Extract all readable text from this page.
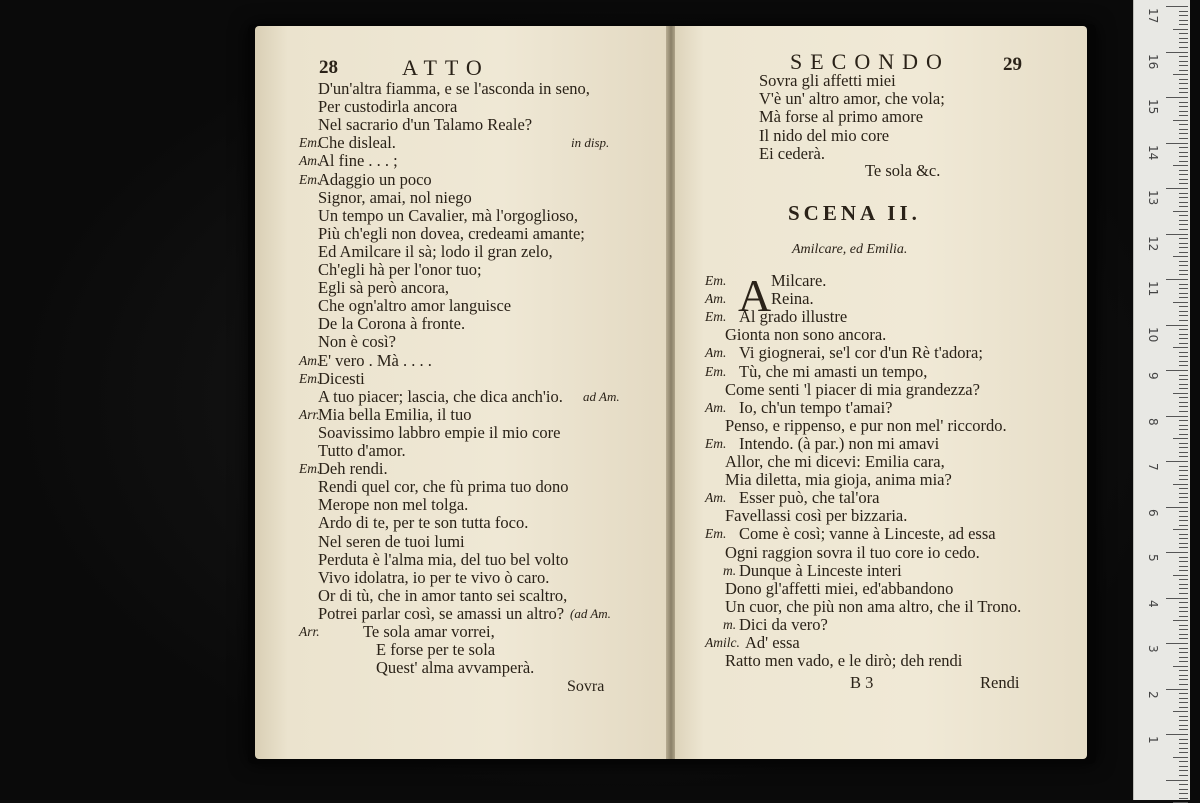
28	ATTO
D'un'altra fiamma, e se l'asconda in seno,
Per custodirla ancora
Nel sacrario d'un Talamo Reale?
Em.
Che disleal.	in disp.
Am.
Al fine . . . ;
Em.
Adaggio un poco
Signor, amai, nol niego
Un tempo un Cavalier, mà l'orgoglioso,
Più ch'egli non dovea, credeami amante;
Ed Amilcare il sà; lodo il gran zelo,
Ch'egli hà per l'onor tuo;
Egli sà però ancora,
Che ogn'altro amor languisce
De la Corona à fronte.
Non è così?
Am.
E' vero . Mà . . . .
Em.
Dicesti
A tuo piacer; lascia, che dica anch'io. ad Am.
Arr.
Mia bella Emilia, il tuo
Soavissimo labbro empie il mio core
Tutto d'amor.
Em.
Deh rendi.
Rendi quel cor, che fù prima tuo dono
Merope non mel tolga.
Ardo di te, per te son tutta foco.
Nel seren de tuoi lumi
Perduta è l'alma mia, del tuo bel volto
Vivo idolatra, io per te vivo ò caro.
Or di tù, che in amor tanto sei scaltro,
Potrei parlar così, se amassi un altro? (ad Am.
Arr.	Te sola amar vorrei,
E forse per te sola
Quest' alma avvamperà.
Sovra
SECONDO	29
Sovra gli affetti miei
V'è un' altro amor, che vola;
Mà forse al primo amore
Il nido del mio core
Ei cederà.
Te sola &c.
SCENA II.
Amilcare, ed Emilia.
A
Em.	Milcare.
Am.	Reina.
Em. Al grado illustre
Gionta non sono ancora.
Am. Vi giognerai, se'l cor d'un Rè t'adora;
Em. Tù, che mi amasti un tempo,
Come senti 'l piacer di mia grandezza?
Am. Io, ch'un tempo t'amai?
Penso, e rippenso, e pur non mel' riccordo.
Em. Intendo. (à par.) non mi amavi
Allor, che mi dicevi: Emilia cara,
Mia diletta, mia gioja, anima mia?
Am. Esser può, che tal'ora
Favellassi così per bizzaria.
Em. Come è così; vanne à Linceste, ad essa
Ogni raggion sovra il tuo core io cedo.
m. Dunque à Linceste interi
Dono gl'affetti miei, ed'abbandono
Un cuor, che più non ama altro, che il Trono.
m. Dici da vero?
Amilc. Ad' essa
Ratto men vado, e le dirò; deh rendi
B 3	Rendi
17
16
15
14
13
12
11
10
9
8
7
6
5
4
3
2
1
